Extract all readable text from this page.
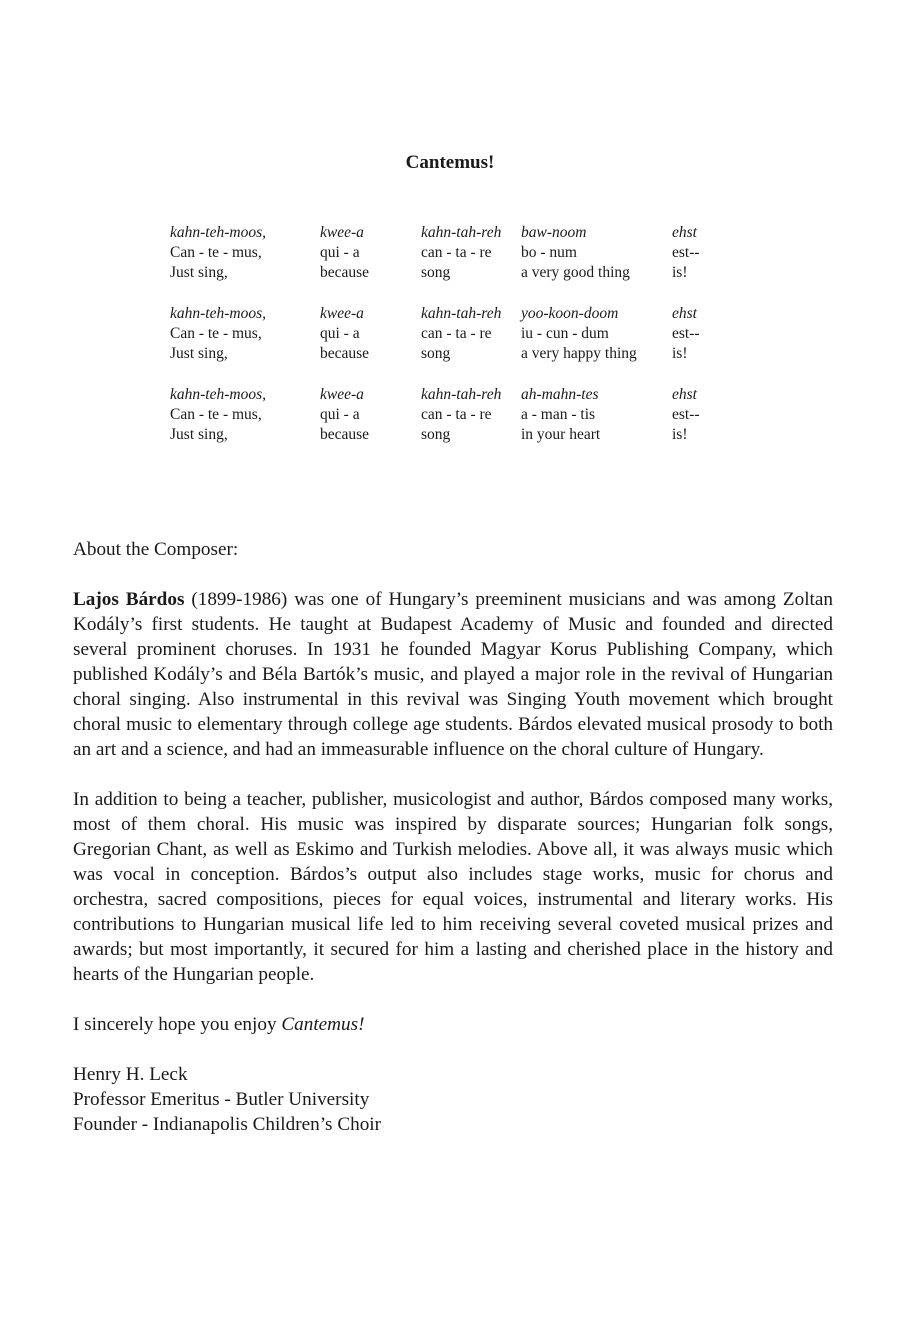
Cantemus!
kahn-teh-moos,	kwee-a	kahn-tah-reh	baw-noom	ehst
Can - te - mus,	qui - a	can - ta - re	bo - num	est--
Just sing,	because	song	a very good thing	is!
kahn-teh-moos,	kwee-a	kahn-tah-reh	yoo-koon-doom	ehst
Can - te - mus,	qui - a	can - ta - re	iu - cun - dum	est--
Just sing,	because	song	a very happy thing	is!
kahn-teh-moos,	kwee-a	kahn-tah-reh	ah-mahn-tes	ehst
Can - te - mus,	qui - a	can - ta - re	a - man - tis	est--
Just sing,	because	song	in your heart	is!

About the Composer:

Lajos Bárdos (1899-1986) was one of Hungary’s preeminent musicians and was among Zoltan Kodály’s first students. He taught at Budapest Academy of Music and founded and directed several prominent choruses. In 1931 he founded Magyar Korus Publishing Company, which published Kodály’s and Béla Bartók’s music, and played a major role in the revival of Hungarian choral singing. Also instrumental in this revival was Singing Youth movement which brought choral music to elementary through college age students. Bárdos elevated musical prosody to both an art and a science, and had an immeasurable influence on the choral culture of Hungary.

In addition to being a teacher, publisher, musicologist and author, Bárdos composed many works, most of them choral. His music was inspired by disparate sources; Hungarian folk songs, Gregorian Chant, as well as Eskimo and Turkish melodies. Above all, it was always music which was vocal in conception. Bárdos’s output also includes stage works, music for chorus and orchestra, sacred compositions, pieces for equal voices, instrumental and literary works. His contributions to Hungarian musical life led to him receiving several coveted musical prizes and awards; but most importantly, it secured for him a lasting and cherished place in the history and hearts of the Hungarian people.

I sincerely hope you enjoy Cantemus!

Henry H. Leck
Professor Emeritus - Butler University
Founder - Indianapolis Children’s Choir
